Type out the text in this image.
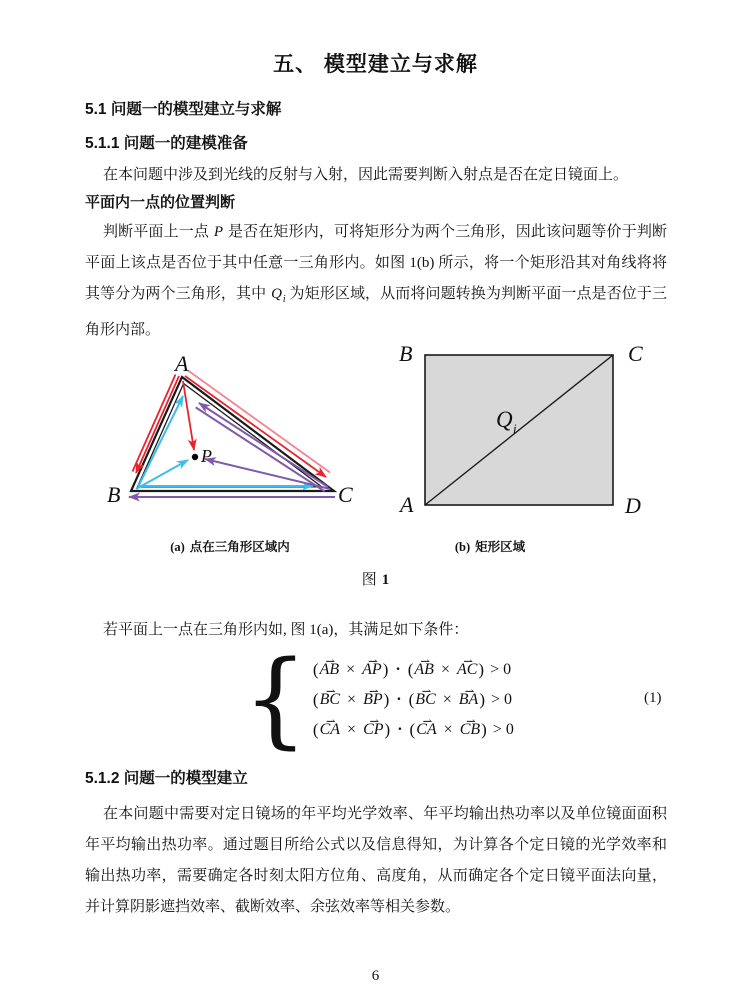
五、 模型建立与求解
5.1 问题一的模型建立与求解
5.1.1 问题一的建模准备

在本问题中涉及到光线的反射与入射，因此需要判断入射点是否在定日镜面上。

平面内一点的位置判断

判断平面上一点 P 是否在矩形内，可将矩形分为两个三角形，因此该问题等价于判断平面上该点是否位于其中任意一三角形内。如图 1(b) 所示，将一个矩形沿其对角线将将其等分为两个三角形，其中 $Q_i$ 为矩形区域，从而将问题转换为判断平面一点是否位于三角形内部。

A
B	C
P
B	C
A	D
Q i
(a) 点在三角形区域内	(b) 矩形区域
图 1

若平面上一点在三角形内如, 图 1(a)，其满足如下条件：

{ ( AB ⇀ × AP ⇀ ) · ( AB ⇀ × AC ⇀ ) > 0
( BC ⇀ × BP ⇀ ) · ( BC ⇀ × BA ⇀ ) > 0
( CA ⇀ × CP ⇀ ) · ( CA ⇀ × CB ⇀ ) > 0
(1)
5.1.2 问题一的模型建立

在本问题中需要对定日镜场的年平均光学效率、年平均输出热功率以及单位镜面面积年平均输出热功率。通过题目所给公式以及信息得知，为计算各个定日镜的光学效率和输出热功率，需要确定各时刻太阳方位角、高度角，从而确定各个定日镜平面法向量，并计算阴影遮挡效率、截断效率、余弦效率等相关参数。

6
